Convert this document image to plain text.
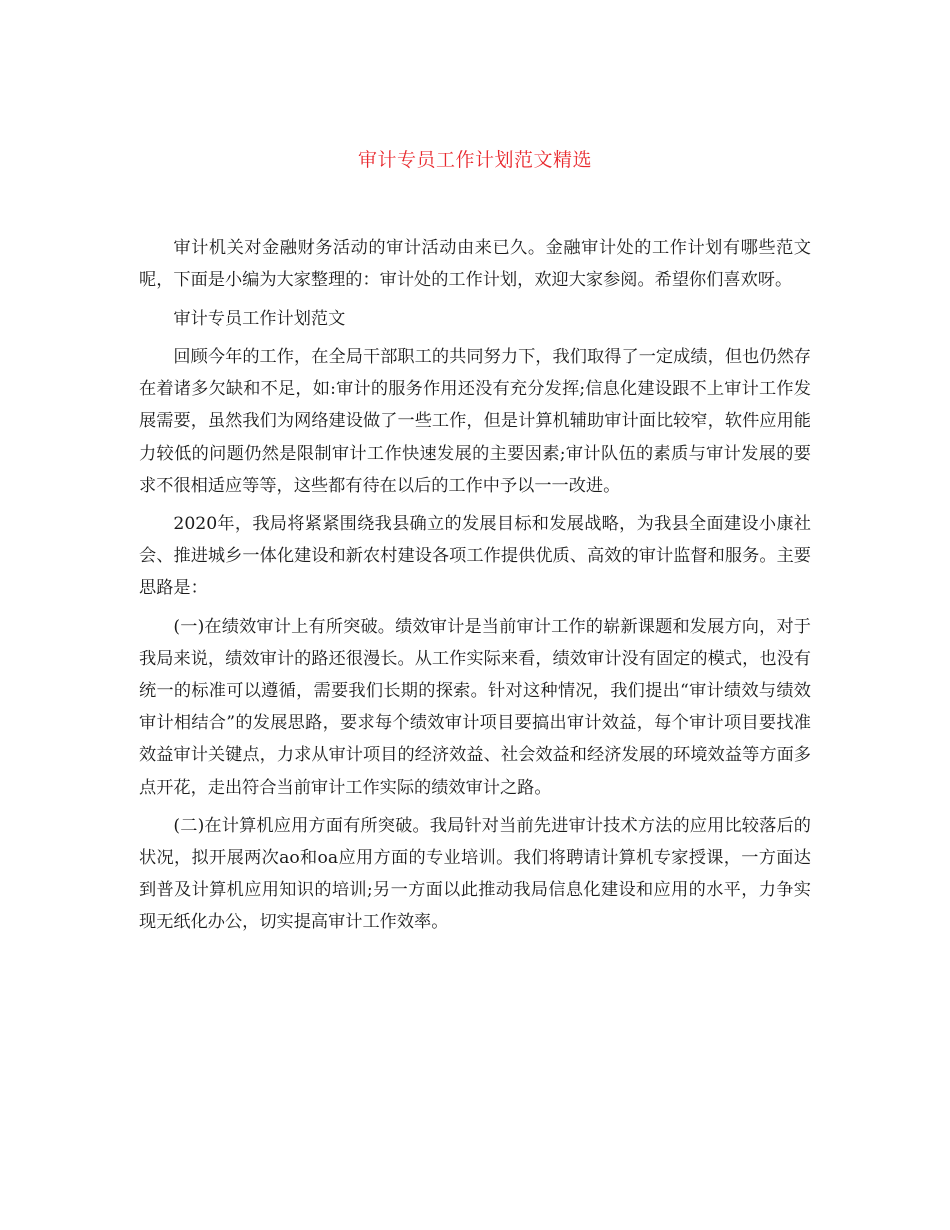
审计专员工作计划范文精选

审计机关对金融财务活动的审计活动由来已久。金融审计处的工作计划有哪些范文呢，下面是小编为大家整理的：审计处的工作计划，欢迎大家参阅。希望你们喜欢呀。

审计专员工作计划范文

回顾今年的工作，在全局干部职工的共同努力下，我们取得了一定成绩，但也仍然存在着诸多欠缺和不足，如:审计的服务作用还没有充分发挥;信息化建设跟不上审计工作发展需要，虽然我们为网络建设做了一些工作，但是计算机辅助审计面比较窄，软件应用能力较低的问题仍然是限制审计工作快速发展的主要因素;审计队伍的素质与审计发展的要求不很相适应等等，这些都有待在以后的工作中予以一一改进。

2020年，我局将紧紧围绕我县确立的发展目标和发展战略，为我县全面建设小康社会、推进城乡一体化建设和新农村建设各项工作提供优质、高效的审计监督和服务。主要思路是：

(一)在绩效审计上有所突破。绩效审计是当前审计工作的崭新课题和发展方向，对于我局来说，绩效审计的路还很漫长。从工作实际来看，绩效审计没有固定的模式，也没有统一的标准可以遵循，需要我们长期的探索。针对这种情况，我们提出“审计绩效与绩效审计相结合”的发展思路，要求每个绩效审计项目要搞出审计效益，每个审计项目要找准效益审计关键点，力求从审计项目的经济效益、社会效益和经济发展的环境效益等方面多点开花，走出符合当前审计工作实际的绩效审计之路。

(二)在计算机应用方面有所突破。我局针对当前先进审计技术方法的应用比较落后的状况，拟开展两次ao和oa应用方面的专业培训。我们将聘请计算机专家授课，一方面达到普及计算机应用知识的培训;另一方面以此推动我局信息化建设和应用的水平，力争实现无纸化办公，切实提高审计工作效率。
